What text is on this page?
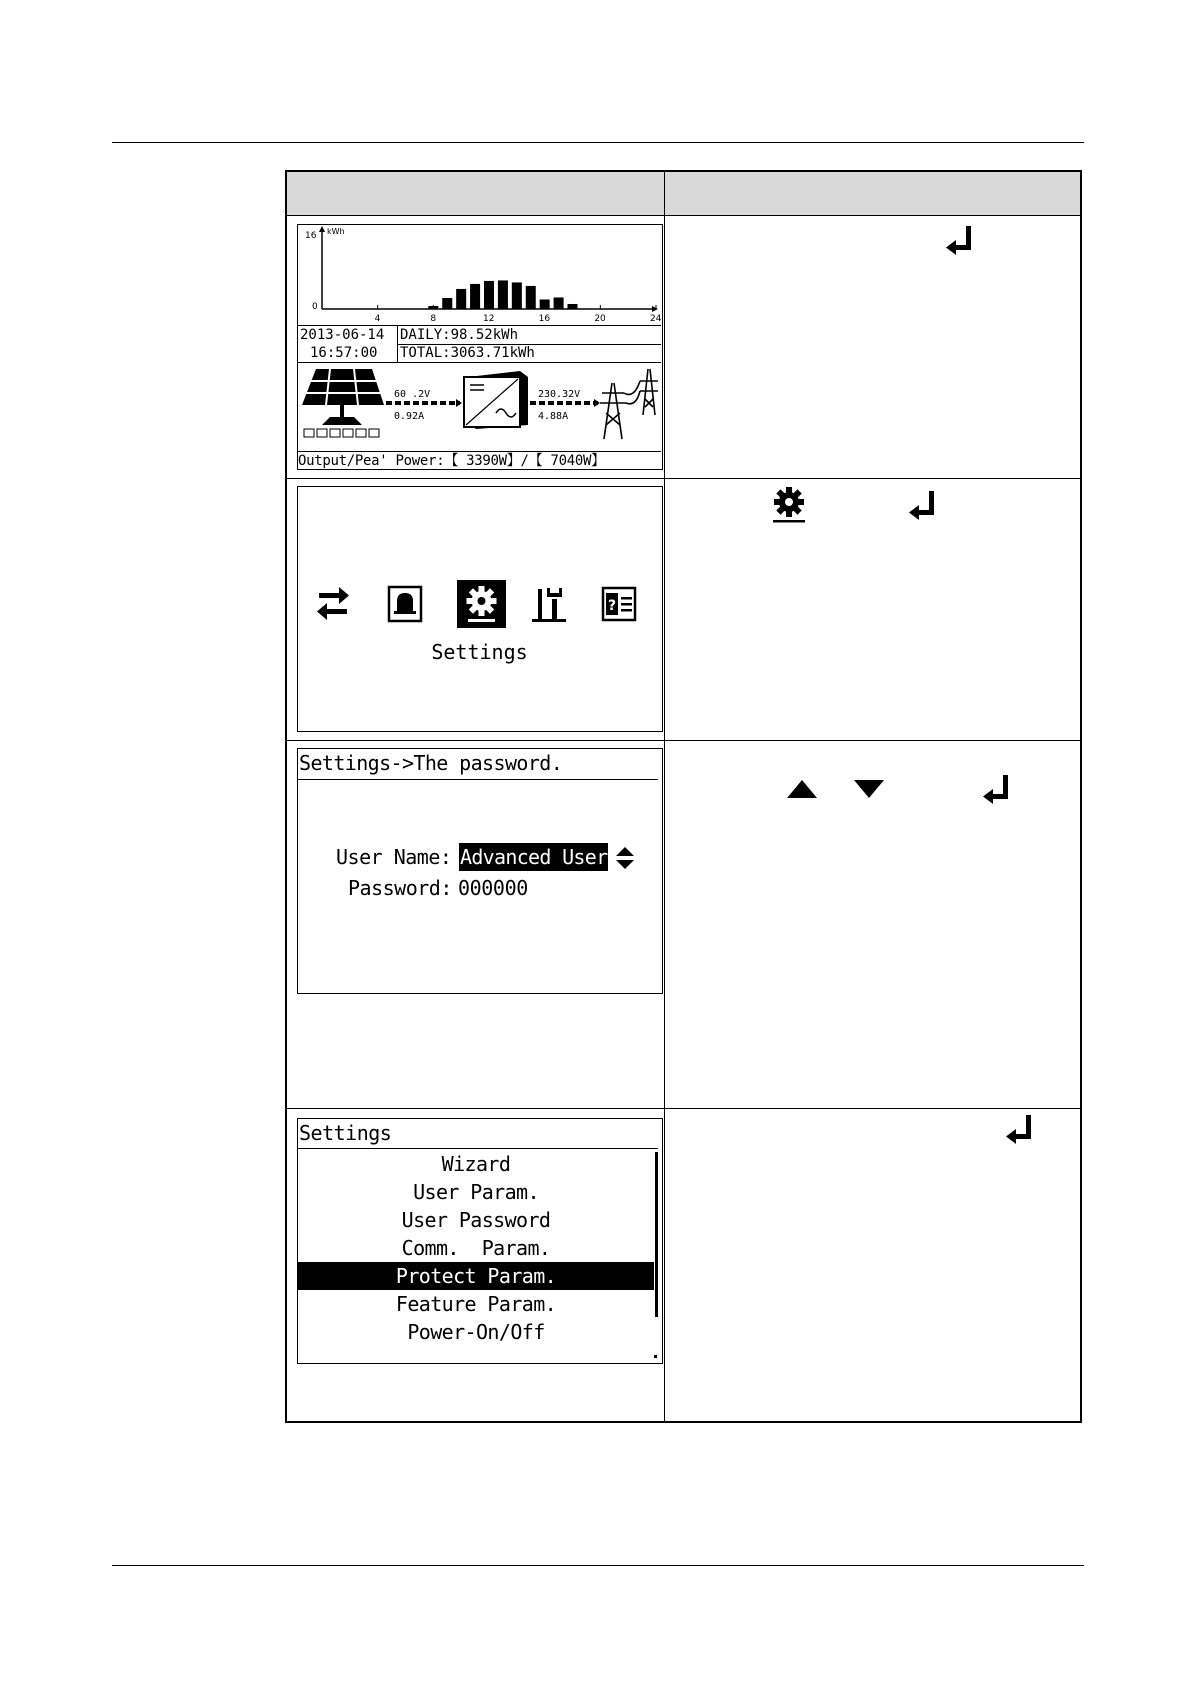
kWh
16
0
4	8	12	16	20	24
2013-06-14
16:57:00
DAILY:98.52kWh
TOTAL:3063.71kWh
60 .2V
0.92A
230.32V
4.88A
Output/Pea' Power:【 3390W】/【 7040W】
?
Settings
Settings->The password.
User Name: Advanced User
Password: 000000
Settings
Wizard
User Param.
User Password
Comm.  Param.
Protect Param.
Feature Param.
Power-On/Off
